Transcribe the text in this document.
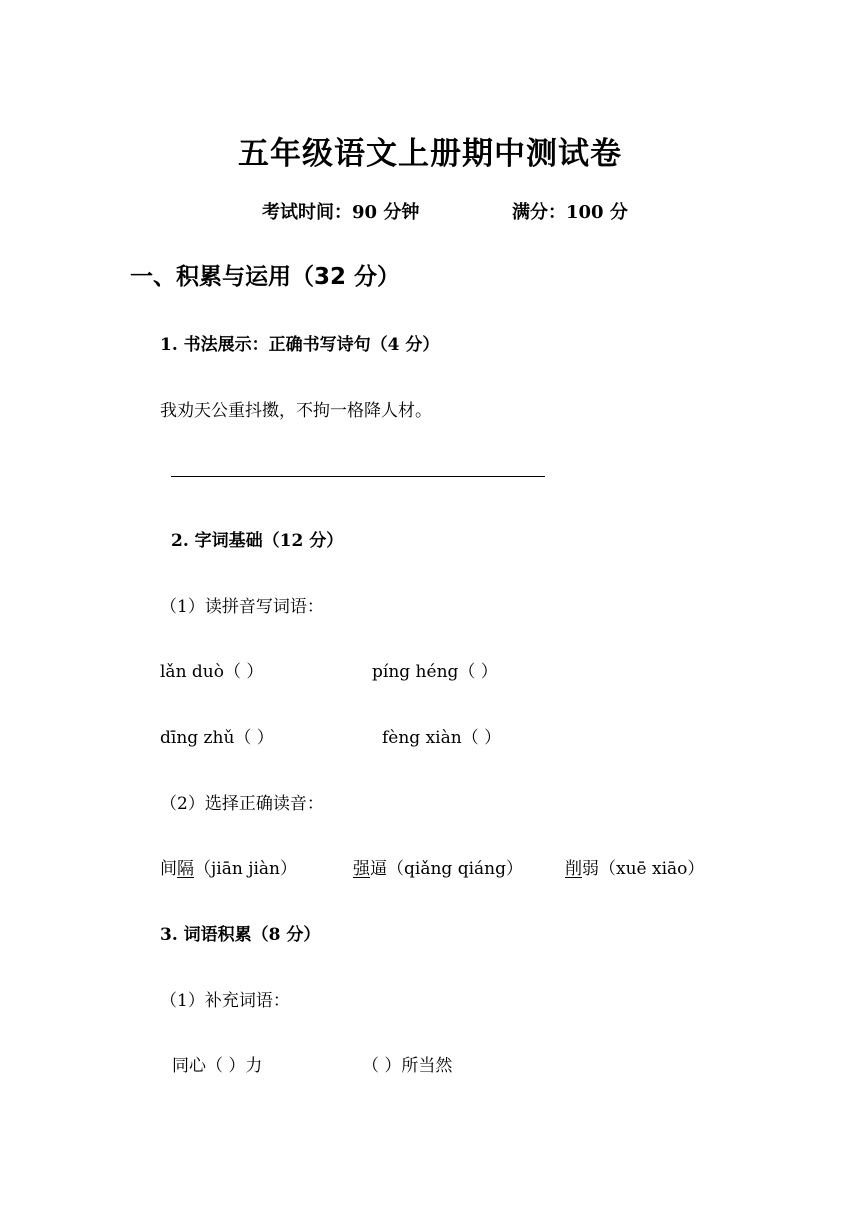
五年级语文上册期中测试卷
考试时间：90 分钟	满分：100 分
一、积累与运用（32 分）
1. 书法展示：正确书写诗句（4 分）
我劝天公重抖擞，不拘一格降人材。
2. 字词基础（12 分）
（1）读拼音写词语：
lǎn duò（ ）	píng héng（ ）
dīng zhǔ（ ）	fèng xiàn（ ）
（2）选择正确读音：
间隔（jiān jiàn）	强逼（qiǎng qiáng） 削弱（xuē xiāo）
3. 词语积累（8 分）
（1）补充词语：
同心（ ）力	（ ）所当然
